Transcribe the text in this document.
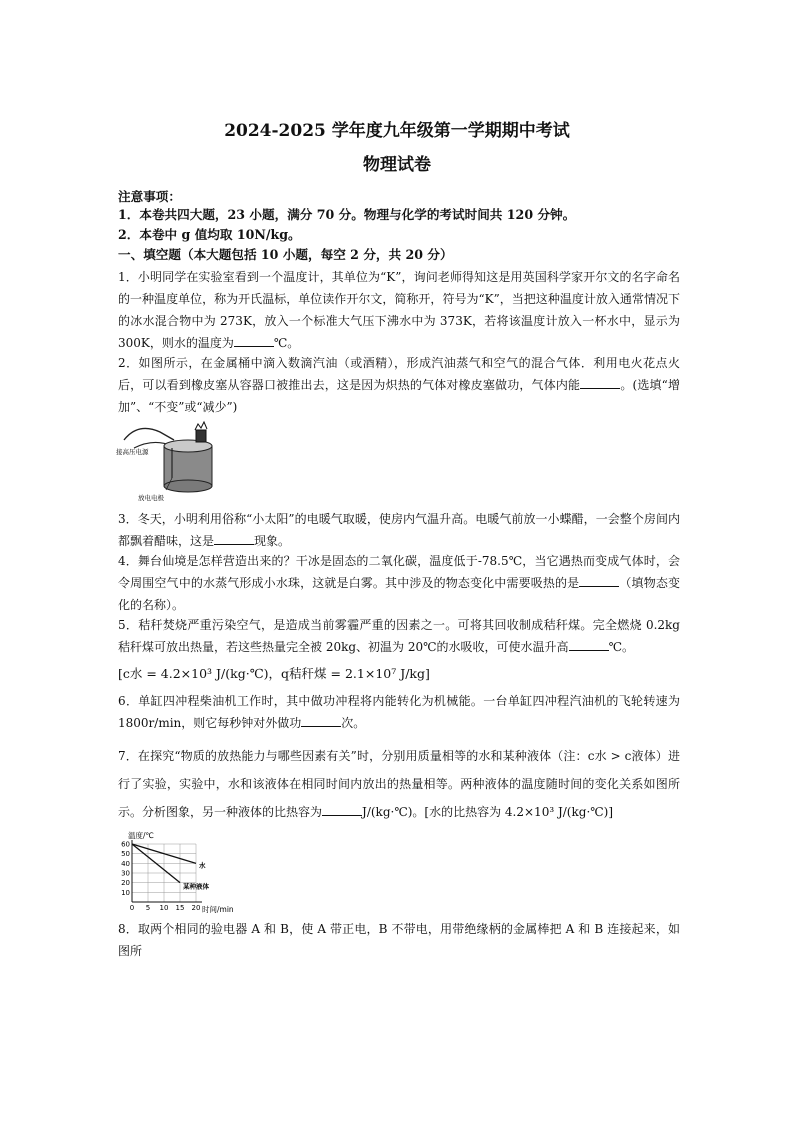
2024-2025 学年度九年级第一学期期中考试
物理试卷
注意事项：
1．本卷共四大题，23 小题，满分 70 分。物理与化学的考试时间共 120 分钟。
2．本卷中 g 值均取 10N/kg。
一、填空题（本大题包括 10 小题，每空 2 分，共 20 分）
1．小明同学在实验室看到一个温度计，其单位为“K”，询问老师得知这是用英国科学家开尔文的名字命名的一种温度单位，称为开氏温标，单位读作开尔文，简称开，符号为“K”，当把这种温度计放入通常情况下的冰水混合物中为 273K，放入一个标准大气压下沸水中为 373K，若将该温度计放入一杯水中，显示为 300K，则水的温度为	℃。
2．如图所示，在金属桶中滴入数滴汽油（或酒精），形成汽油蒸气和空气的混合气体．利用电火花点火后，可以看到橡皮塞从容器口被推出去，这是因为炽热的气体对橡皮塞做功，气体内能	。(选填“增加”、“不变”或“减少”)
接高压电源
放电电极
3．冬天，小明利用俗称“小太阳”的电暖气取暖，使房内气温升高。电暖气前放一小蝶醋，一会整个房间内都飘着醋味，这是	现象。
4．舞台仙境是怎样营造出来的？干冰是固态的二氧化碳，温度低于-78.5℃，当它遇热而变成气体时，会令周围空气中的水蒸气形成小水珠，这就是白雾。其中涉及的物态变化中需要吸热的是	（填物态变化的名称）。
5．秸秆焚烧严重污染空气，是造成当前雾霾严重的因素之一。可将其回收制成秸秆煤。完全燃烧 0.2kg 秸秆煤可放出热量，若这些热量完全被 20kg、初温为 20℃的水吸收，可使水温升高	℃。
[c水 = 4.2×10³ J/(kg·℃)，q秸秆煤 = 2.1×10⁷ J/kg]
6．单缸四冲程柴油机工作时，其中做功冲程将内能转化为机械能。一台单缸四冲程汽油机的飞轮转速为 1800r/min，则它每秒钟对外做功	次。
7．在探究“物质的放热能力与哪些因素有关”时，分别用质量相等的水和某种液体（注：c水 > c液体）进行了实验，实验中，水和该液体在相同时间内放出的热量相等。两种液体的温度随时间的变化关系如图所示。分析图象，另一种液体的比热容为	J/(kg·℃)。[水的比热容为 4.2×10³ J/(kg·℃)]
温度/℃
时间/min
10
20
30
40
50
60
0 5 10 15 20
水
某种液体
8．取两个相同的验电器 A 和 B，使 A 带正电，B 不带电，用带绝缘柄的金属棒把 A 和 B 连接起来，如图所
